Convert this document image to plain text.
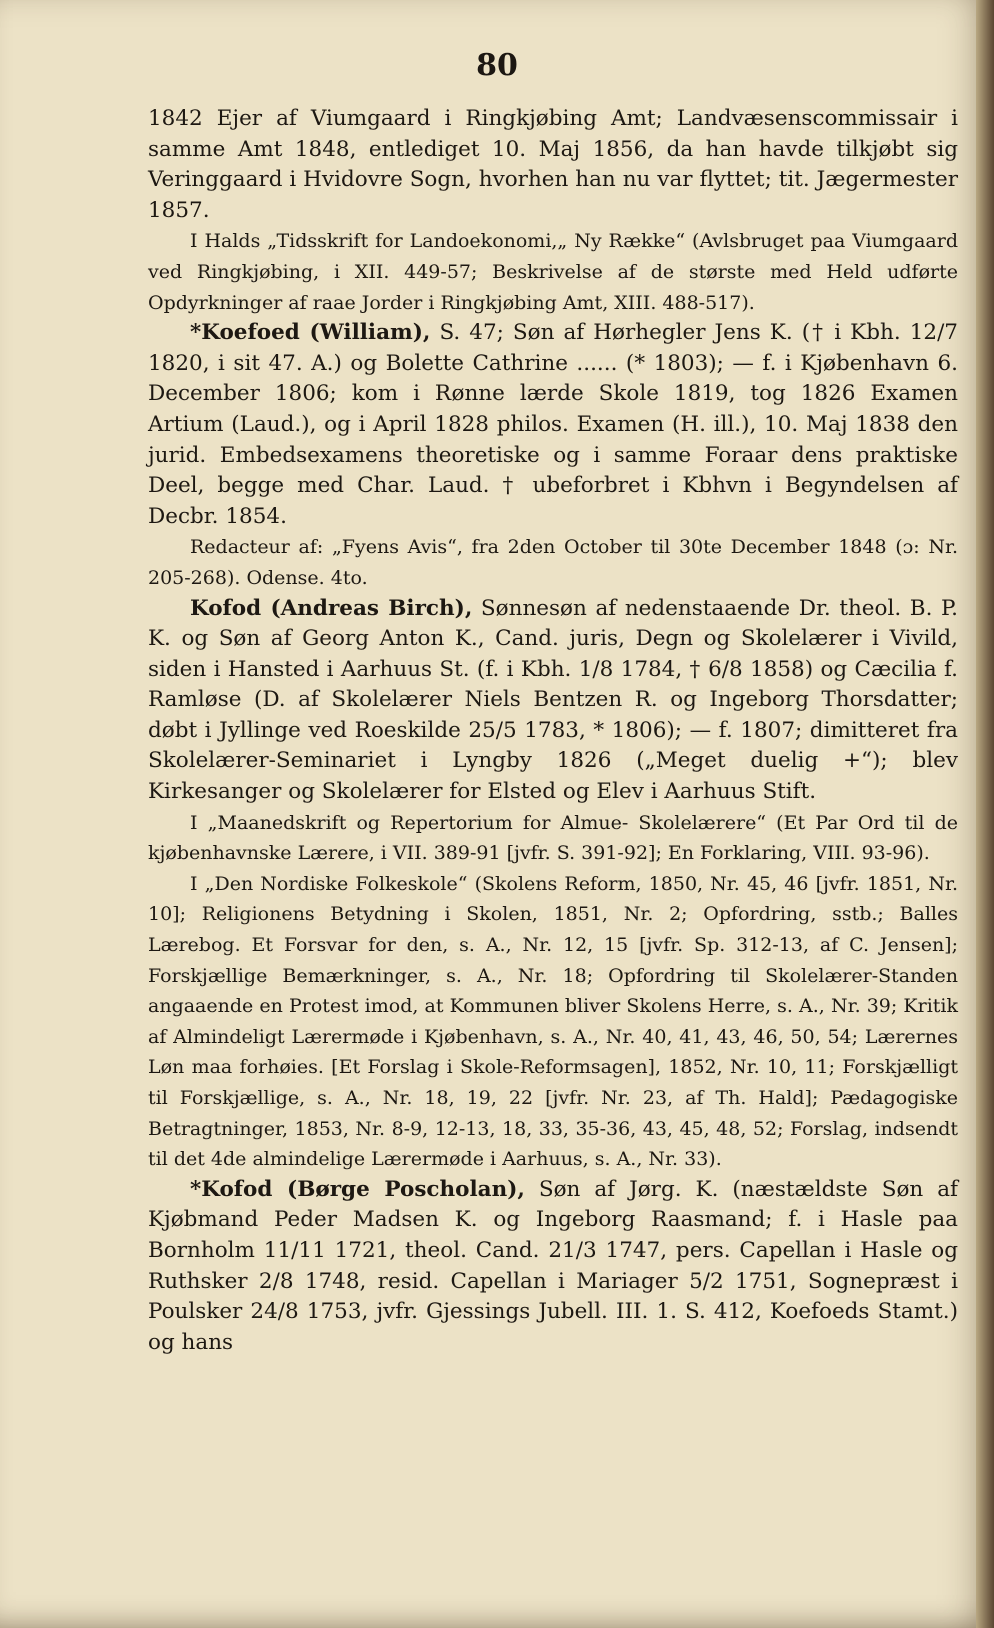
80

1842 Ejer af Viumgaard i Ringkjøbing Amt; Landvæsenscommissair i samme Amt 1848, entlediget 10. Maj 1856, da han havde tilkjøbt sig Veringgaard i Hvidovre Sogn, hvorhen han nu var flyttet; tit. Jægermester 1857.

I Halds „Tidsskrift for Landoekonomi,„ Ny Række“ (Avlsbruget paa Viumgaard ved Ringkjøbing, i XII. 449‑57; Beskrivelse af de største med Held udførte Opdyrkninger af raae Jorder i Ringkjøbing Amt, XIII. 488‑517).

*Koefoed (William), S. 47; Søn af Hørhegler Jens K. († i Kbh. 12/7 1820, i sit 47. A.) og Bolette Cathrine ...... (* 1803); — f. i Kjøbenhavn 6. December 1806; kom i Rønne lærde Skole 1819, tog 1826 Examen Artium (Laud.), og i April 1828 philos. Examen (H. ill.), 10. Maj 1838 den jurid. Embedsexamens theoretiske og i samme Foraar dens praktiske Deel, begge med Char. Laud. † ubeforbret i Kbhvn i Begyndelsen af Decbr. 1854.

Redacteur af: „Fyens Avis“, fra 2den October til 30te December 1848 (ɔ: Nr. 205‑268). Odense. 4to.

Kofod (Andreas Birch), Sønnesøn af nedenstaaende Dr. theol. B. P. K. og Søn af Georg Anton K., Cand. juris, Degn og Skolelærer i Vivild, siden i Hansted i Aarhuus St. (f. i Kbh. 1/8 1784, † 6/8 1858) og Cæcilia f. Ramløse (D. af Skolelærer Niels Bentzen R. og Ingeborg Thorsdatter; døbt i Jyllinge ved Roeskilde 25/5 1783, * 1806); — f. 1807; dimitteret fra Skolelærer‑Seminariet i Lyngby 1826 („Meget duelig +“); blev Kirkesanger og Skolelærer for Elsted og Elev i Aarhuus Stift.

I „Maanedskrift og Repertorium for Almue‑ Skolelærere“ (Et Par Ord til de kjøbenhavnske Lærere, i VII. 389‑91 [jvfr. S. 391‑92]; En Forklaring, VIII. 93‑96).

I „Den Nordiske Folkeskole“ (Skolens Reform, 1850, Nr. 45, 46 [jvfr. 1851, Nr. 10]; Religionens Betydning i Skolen, 1851, Nr. 2; Opfordring, sstb.; Balles Lærebog. Et Forsvar for den, s. A., Nr. 12, 15 [jvfr. Sp. 312‑13, af C. Jensen]; Forskjællige Bemærkninger, s. A., Nr. 18; Opfordring til Skolelærer‑Standen angaaende en Protest imod, at Kommunen bliver Skolens Herre, s. A., Nr. 39; Kritik af Almindeligt Lærermøde i Kjøbenhavn, s. A., Nr. 40, 41, 43, 46, 50, 54; Lærernes Løn maa forhøies. [Et Forslag i Skole‑Reformsagen], 1852, Nr. 10, 11; Forskjælligt til Forskjællige, s. A., Nr. 18, 19, 22 [jvfr. Nr. 23, af Th. Hald]; Pædagogiske Betragtninger, 1853, Nr. 8‑9, 12‑13, 18, 33, 35‑36, 43, 45, 48, 52; Forslag, indsendt til det 4de almindelige Lærermøde i Aarhuus, s. A., Nr. 33).

*Kofod (Børge Poscholan), Søn af Jørg. K. (næstældste Søn af Kjøbmand Peder Madsen K. og Ingeborg Raasmand; f. i Hasle paa Bornholm 11/11 1721, theol. Cand. 21/3 1747, pers. Capellan i Hasle og Ruthsker 2/8 1748, resid. Capellan i Mariager 5/2 1751, Sognepræst i Poulsker 24/8 1753, jvfr. Gjessings Jubell. III. 1. S. 412, Koefoeds Stamt.) og hans
